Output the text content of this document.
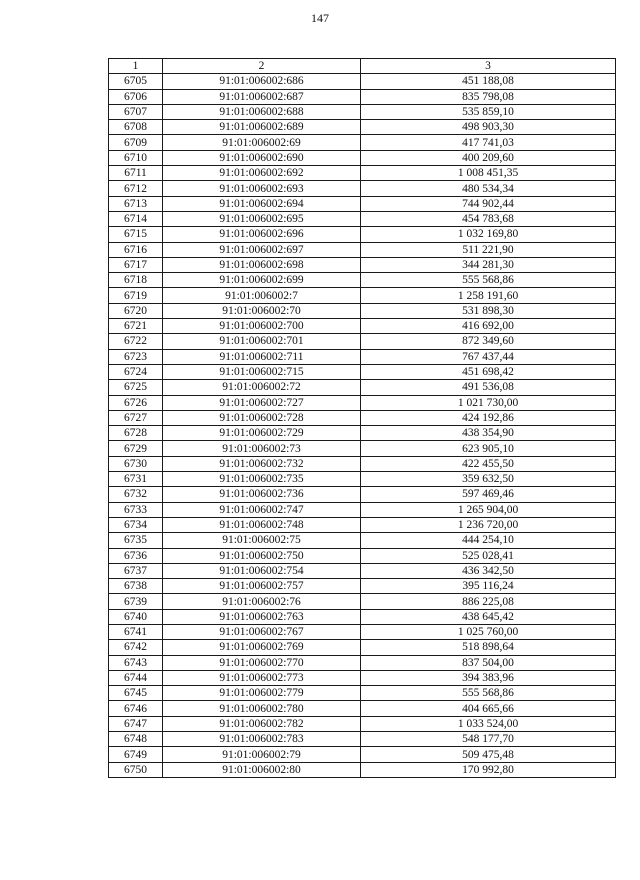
147
1	2	3
6705	91:01:006002:686	451 188,08
6706	91:01:006002:687	835 798,08
6707	91:01:006002:688	535 859,10
6708	91:01:006002:689	498 903,30
6709	91:01:006002:69	417 741,03
6710	91:01:006002:690	400 209,60
6711	91:01:006002:692	1 008 451,35
6712	91:01:006002:693	480 534,34
6713	91:01:006002:694	744 902,44
6714	91:01:006002:695	454 783,68
6715	91:01:006002:696	1 032 169,80
6716	91:01:006002:697	511 221,90
6717	91:01:006002:698	344 281,30
6718	91:01:006002:699	555 568,86
6719	91:01:006002:7	1 258 191,60
6720	91:01:006002:70	531 898,30
6721	91:01:006002:700	416 692,00
6722	91:01:006002:701	872 349,60
6723	91:01:006002:711	767 437,44
6724	91:01:006002:715	451 698,42
6725	91:01:006002:72	491 536,08
6726	91:01:006002:727	1 021 730,00
6727	91:01:006002:728	424 192,86
6728	91:01:006002:729	438 354,90
6729	91:01:006002:73	623 905,10
6730	91:01:006002:732	422 455,50
6731	91:01:006002:735	359 632,50
6732	91:01:006002:736	597 469,46
6733	91:01:006002:747	1 265 904,00
6734	91:01:006002:748	1 236 720,00
6735	91:01:006002:75	444 254,10
6736	91:01:006002:750	525 028,41
6737	91:01:006002:754	436 342,50
6738	91:01:006002:757	395 116,24
6739	91:01:006002:76	886 225,08
6740	91:01:006002:763	438 645,42
6741	91:01:006002:767	1 025 760,00
6742	91:01:006002:769	518 898,64
6743	91:01:006002:770	837 504,00
6744	91:01:006002:773	394 383,96
6745	91:01:006002:779	555 568,86
6746	91:01:006002:780	404 665,66
6747	91:01:006002:782	1 033 524,00
6748	91:01:006002:783	548 177,70
6749	91:01:006002:79	509 475,48
6750	91:01:006002:80	170 992,80
